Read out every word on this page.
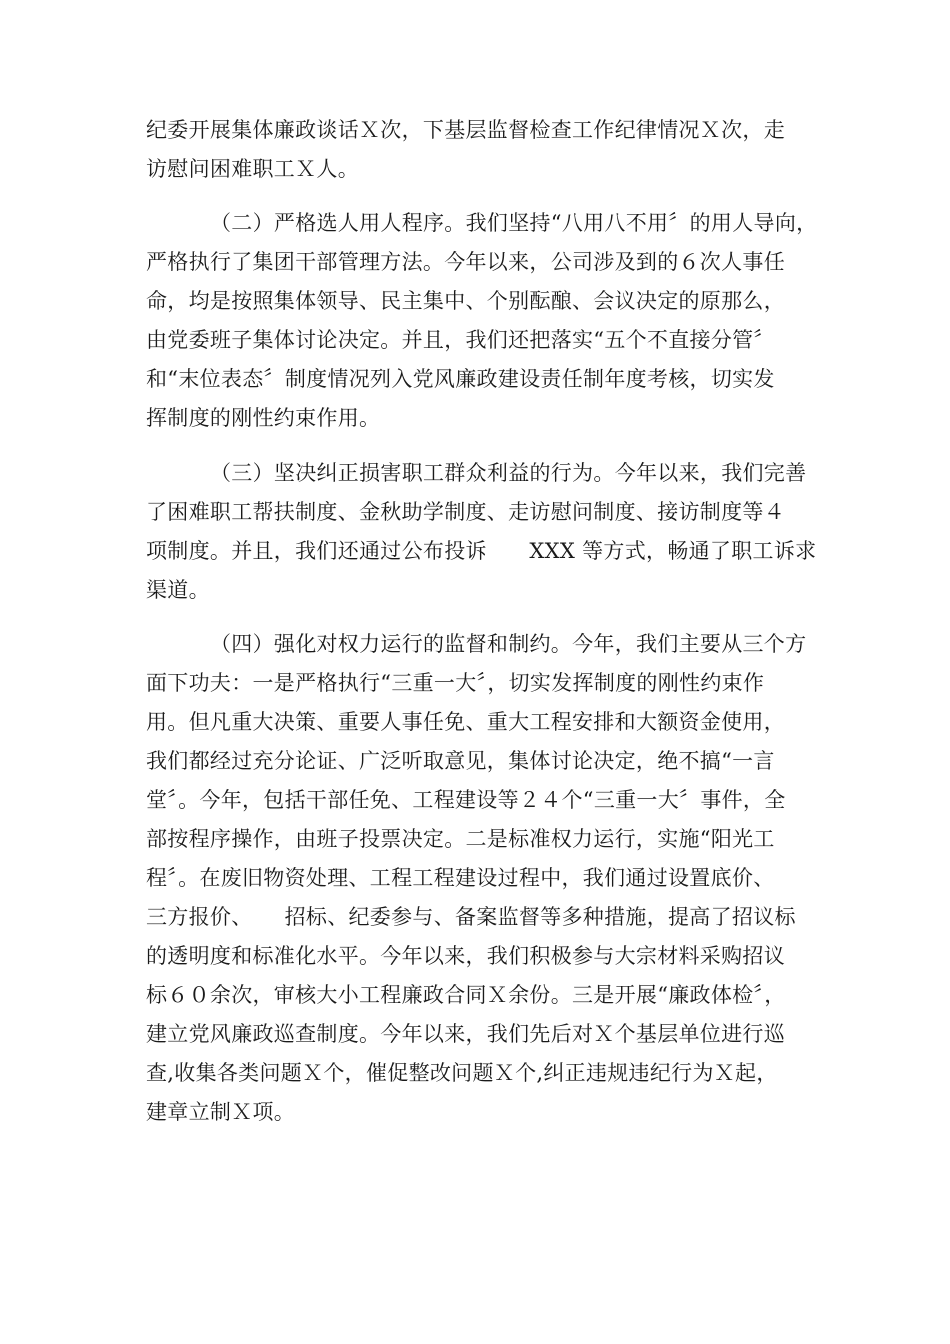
纪委开展集体廉政谈话Ｘ次，下基层监督检查工作纪律情况Ｘ次，走
访慰问困难职工Ｘ人。
（二）严格选人用人程序。我们坚持“八用八不用〞的用人导向，
严格执行了集团干部管理方法。今年以来，公司涉及到的６次人事任
命，均是按照集体领导、民主集中、个别酝酿、会议决定的原那么，
由党委班子集体讨论决定。并且，我们还把落实“五个不直接分管〞
和“末位表态〞制度情况列入党风廉政建设责任制年度考核，切实发
挥制度的刚性约束作用。
（三）坚决纠正损害职工群众利益的行为。今年以来，我们完善
了困难职工帮扶制度、金秋助学制度、走访慰问制度、接访制度等４
项制度。并且，我们还通过公布投诉　　XXX 等方式，畅通了职工诉求
渠道。
（四）强化对权力运行的监督和制约。今年，我们主要从三个方
面下功夫：一是严格执行“三重一大〞，切实发挥制度的刚性约束作
用。但凡重大决策、重要人事任免、重大工程安排和大额资金使用，
我们都经过充分论证、广泛听取意见，集体讨论决定，绝不搞“一言
堂〞。今年，包括干部任免、工程建设等２４个“三重一大〞事件，全
部按程序操作，由班子投票决定。二是标准权力运行，实施“阳光工
程〞。在废旧物资处理、工程工程建设过程中，我们通过设置底价、
三方报价、　　招标、纪委参与、备案监督等多种措施，提高了招议标
的透明度和标准化水平。今年以来，我们积极参与大宗材料采购招议
标６０余次，审核大小工程廉政合同Ｘ余份。三是开展“廉政体检〞，
建立党风廉政巡查制度。今年以来，我们先后对Ｘ个基层单位进行巡
查,收集各类问题Ｘ个，催促整改问题Ｘ个,纠正违规违纪行为Ｘ起，
建章立制Ｘ项。
